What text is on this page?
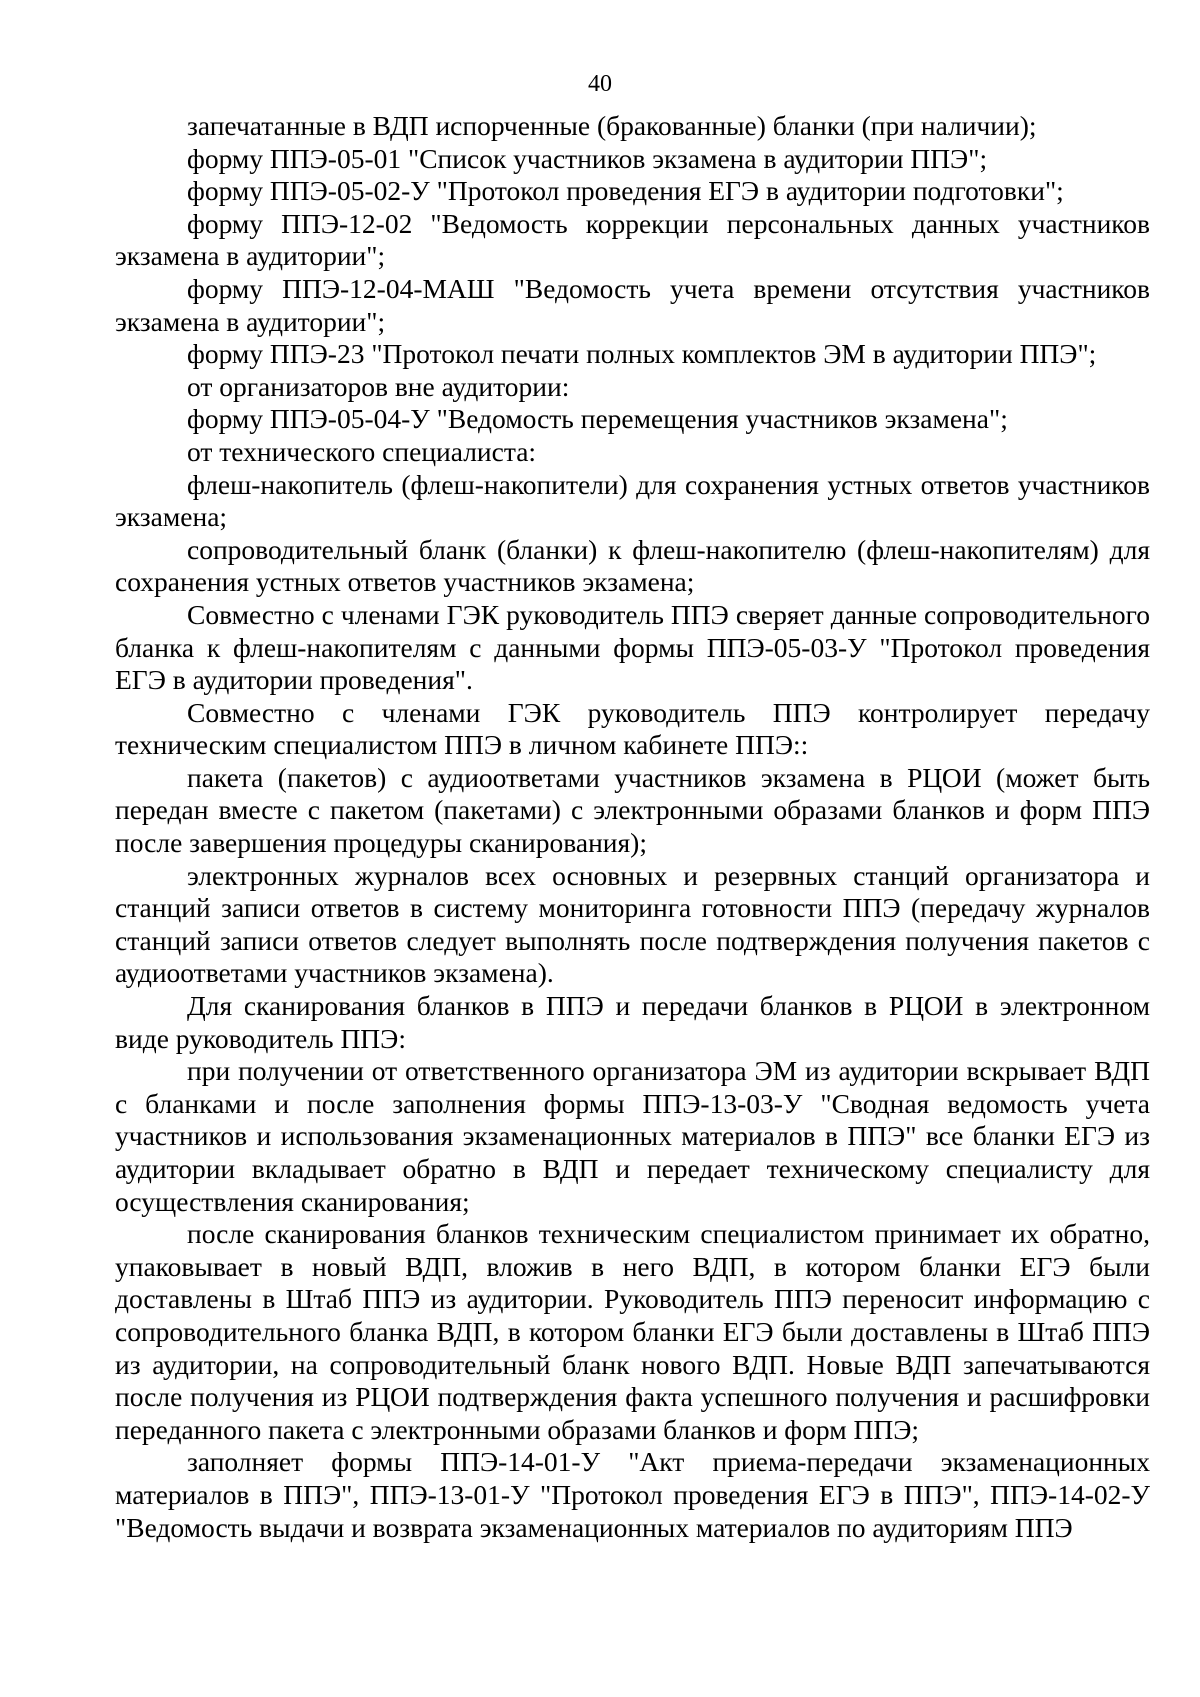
40

запечатанные в ВДП испорченные (бракованные) бланки (при наличии);

форму ППЭ-05-01 "Список участников экзамена в аудитории ППЭ";

форму ППЭ-05-02-У "Протокол проведения ЕГЭ в аудитории подготовки";

форму ППЭ-12-02 "Ведомость коррекции персональных данных участников экзамена в аудитории";

форму ППЭ-12-04-МАШ "Ведомость учета времени отсутствия участников экзамена в аудитории";

форму ППЭ-23 "Протокол печати полных комплектов ЭМ в аудитории ППЭ";

от организаторов вне аудитории:

форму ППЭ-05-04-У "Ведомость перемещения участников экзамена";

от технического специалиста:

флеш-накопитель (флеш-накопители) для сохранения устных ответов участников экзамена;

сопроводительный бланк (бланки) к флеш-накопителю (флеш-накопителям) для сохранения устных ответов участников экзамена;

Совместно с членами ГЭК руководитель ППЭ сверяет данные сопроводительного бланка к флеш-накопителям с данными формы ППЭ-05-03-У "Протокол проведения ЕГЭ в аудитории проведения".

Совместно с членами ГЭК руководитель ППЭ контролирует передачу техническим специалистом ППЭ в личном кабинете ППЭ::

пакета (пакетов) с аудиоответами участников экзамена в РЦОИ (может быть передан вместе с пакетом (пакетами) с электронными образами бланков и форм ППЭ после завершения процедуры сканирования);

электронных журналов всех основных и резервных станций организатора и станций записи ответов в систему мониторинга готовности ППЭ (передачу журналов станций записи ответов следует выполнять после подтверждения получения пакетов с аудиоответами участников экзамена).

Для сканирования бланков в ППЭ и передачи бланков в РЦОИ в электронном виде руководитель ППЭ:

при получении от ответственного организатора ЭМ из аудитории вскрывает ВДП с бланками и после заполнения формы ППЭ-13-03-У "Сводная ведомость учета участников и использования экзаменационных материалов в ППЭ" все бланки ЕГЭ из аудитории вкладывает обратно в ВДП и передает техническому специалисту для осуществления сканирования;

после сканирования бланков техническим специалистом принимает их обратно, упаковывает в новый ВДП, вложив в него ВДП, в котором бланки ЕГЭ были доставлены в Штаб ППЭ из аудитории. Руководитель ППЭ переносит информацию с сопроводительного бланка ВДП, в котором бланки ЕГЭ были доставлены в Штаб ППЭ из аудитории, на сопроводительный бланк нового ВДП. Новые ВДП запечатываются после получения из РЦОИ подтверждения факта успешного получения и расшифровки переданного пакета с электронными образами бланков и форм ППЭ;

заполняет формы ППЭ-14-01-У "Акт приема-передачи экзаменационных материалов в ППЭ", ППЭ-13-01-У "Протокол проведения ЕГЭ в ППЭ", ППЭ-14-02-У "Ведомость выдачи и возврата экзаменационных материалов по аудиториям ППЭ
